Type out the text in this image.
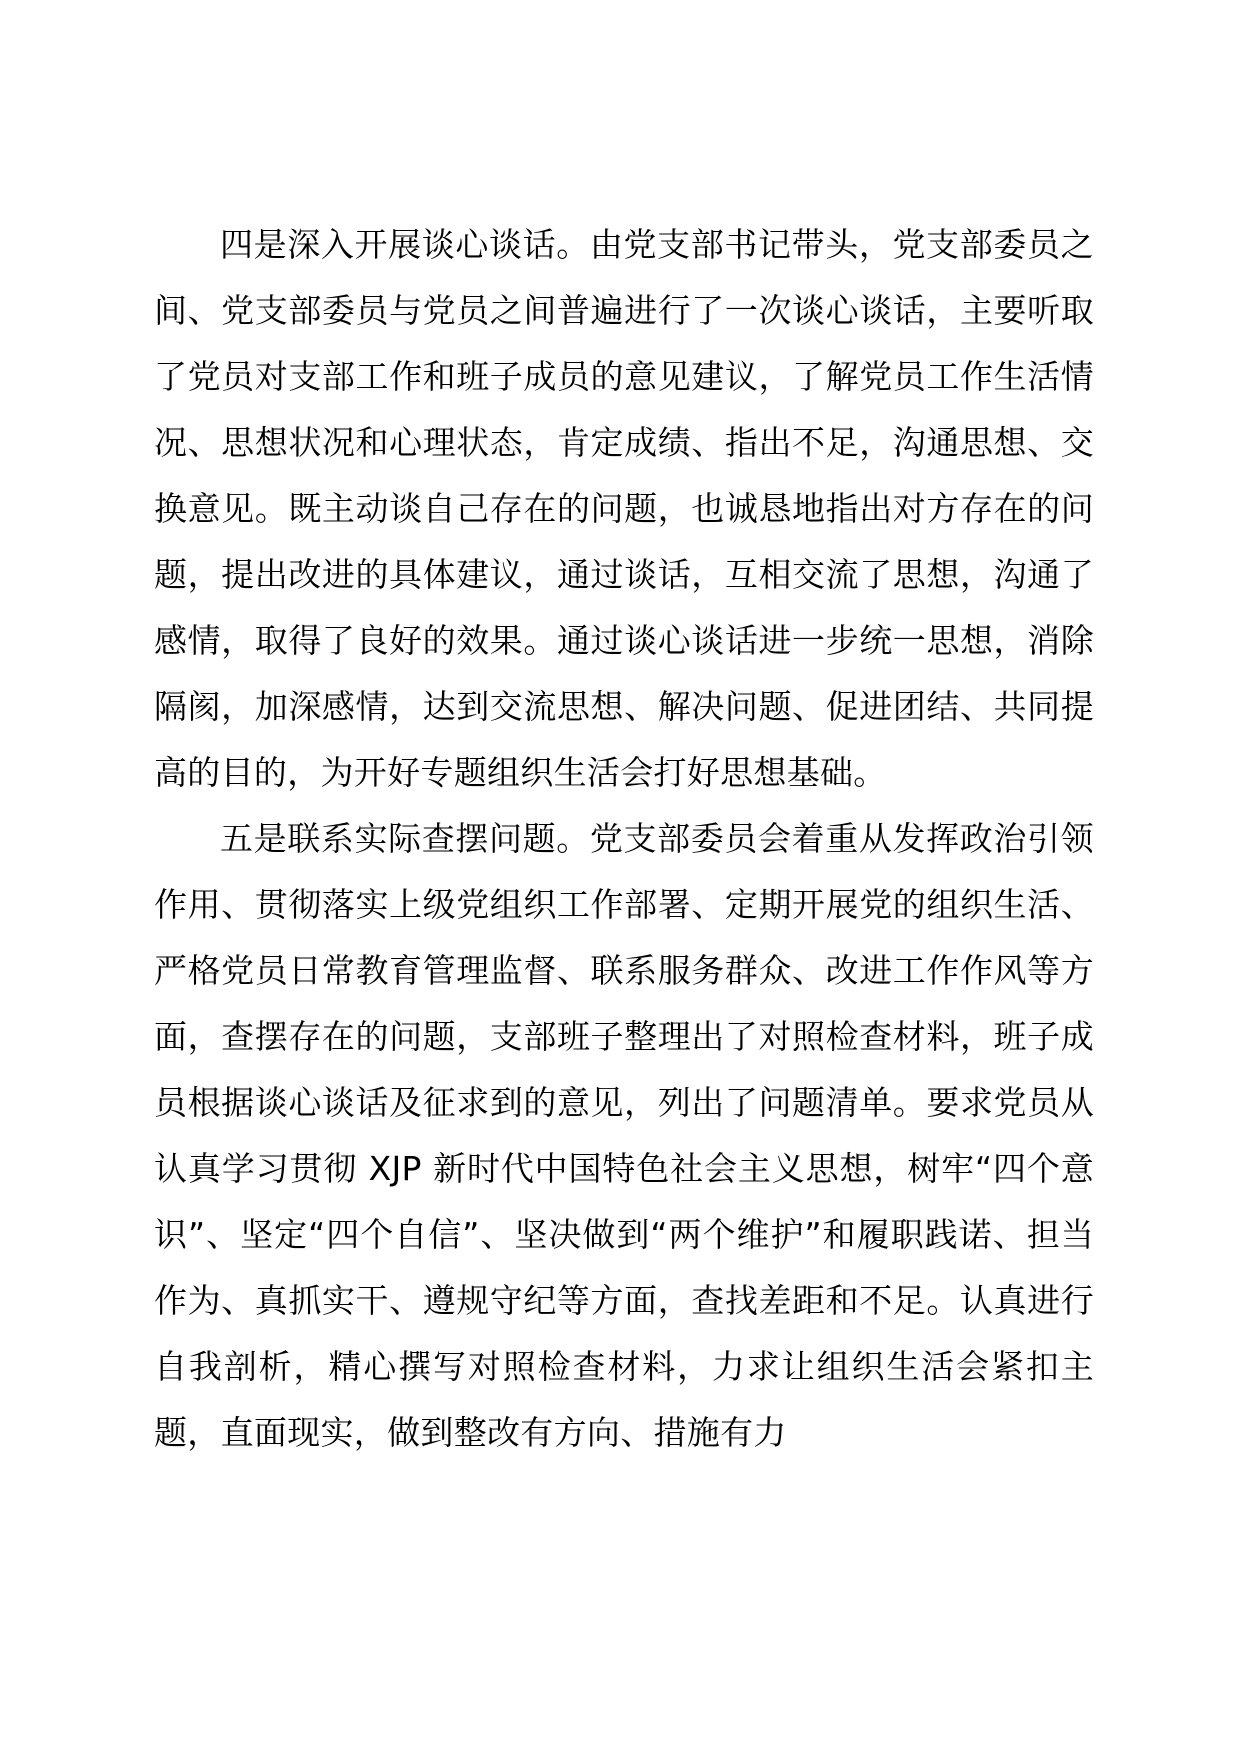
四是深入开展谈心谈话。由党支部书记带头，党支部委员之间、党支部委员与党员之间普遍进行了一次谈心谈话，主要听取了党员对支部工作和班子成员的意见建议，了解党员工作生活情况、思想状况和心理状态，肯定成绩、指出不足，沟通思想、交换意见。既主动谈自己存在的问题，也诚恳地指出对方存在的问题，提出改进的具体建议，通过谈话，互相交流了思想，沟通了感情，取得了良好的效果。通过谈心谈话进一步统一思想，消除隔阂，加深感情，达到交流思想、解决问题、促进团结、共同提高的目的，为开好专题组织生活会打好思想基础。

五是联系实际查摆问题。党支部委员会着重从发挥政治引领作用、贯彻落实上级党组织工作部署、定期开展党的组织生活、严格党员日常教育管理监督、联系服务群众、改进工作作风等方面，查摆存在的问题，支部班子整理出了对照检查材料，班子成员根据谈心谈话及征求到的意见，列出了问题清单。要求党员从认真学习贯彻 XJP 新时代中国特色社会主义思想，树牢“四个意识”、坚定“四个自信”、坚决做到“两个维护”和履职践诺、担当作为、真抓实干、遵规守纪等方面，查找差距和不足。认真进行自我剖析，精心撰写对照检查材料，力求让组织生活会紧扣主题，直面现实，做到整改有方向、措施有力
